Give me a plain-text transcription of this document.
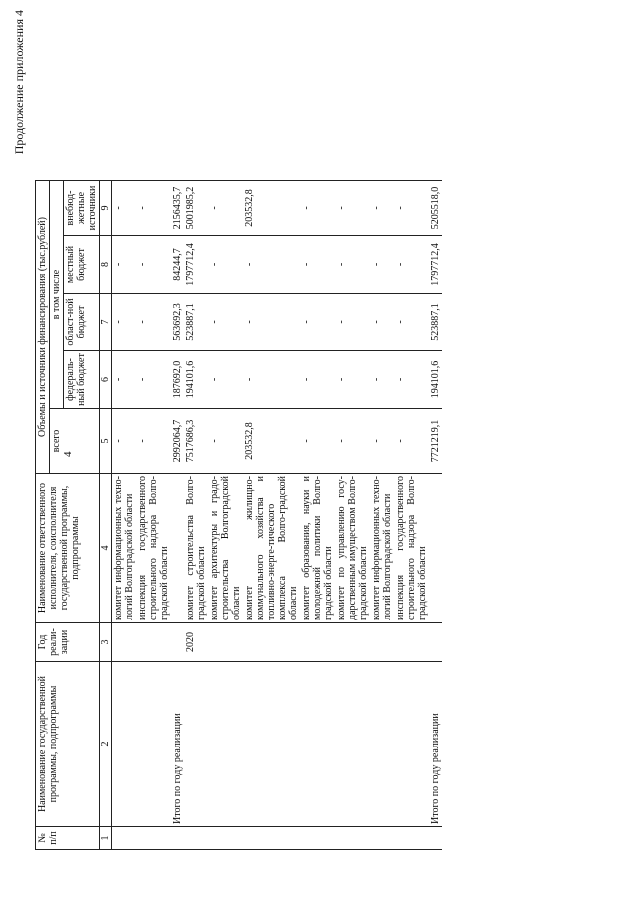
4
Продолжение приложения 4
№ п/п	Наименование государственной программы, подпрограммы	Год реали-зации	Наименование ответственного исполнителя, соисполнителя государственной программы, подпрограммы	Объемы и источники финансирования (тыс.рублей)				
				всего	в том числе			
					федераль-ный бюджет	област-ной бюджет	местный бюджет	внебюд-жетные источники
1	2	3	4	5	6	7	8	9
			комитет информационных техно-логий Волгоградской области	-	-	-	-	-
			инспекция государственного строительного надзора Волго-градской области	-	-	-	-	-
	Итого по году реализации			2992064,7	187692,0	563692,3	84244,7	2156435,7
		2020	комитет строительства Волго-градской области	7517686,3	194101,6	523887,1	1797712,4	5001985,2
			комитет архитектуры и градо-строительства Волгоградской области	-	-	-	-	-
			комитет жилищно-коммунального хозяйства и топливно-энерге-тического комплекса Волго-градской области	203532,8	-	-	-	203532,8
			комитет образования, науки и молодежной политики Волго-градской области	-	-	-	-	-
			комитет по управлению госу-дарственным имуществом Волго-градской области	-	-	-	-	-
			комитет информационных техно-логий Волгоградской области	-	-	-	-	-
			инспекция государственного строительного надзора Волго-градской области	-	-	-	-	-
	Итого по году реализации			7721219,1	194101,6	523887,1	1797712,4	5205518,0
